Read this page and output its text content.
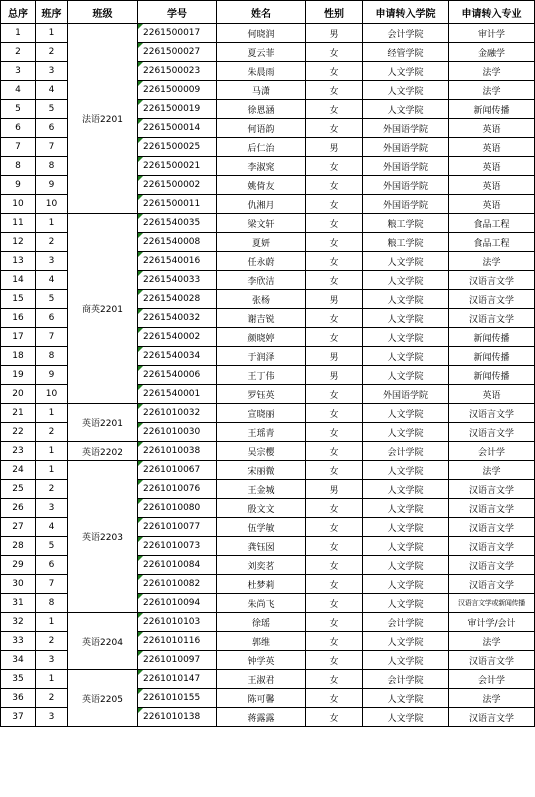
总序	班序	班级	学号	姓名	性别	申请转入学院	申请转入专业
1	1	法语2201	2261500017	何晓润	男	会计学院	审计学
2	2		2261500027	夏云菲	女	经管学院	金融学
3	3		2261500023	朱晨雨	女	人文学院	法学
4	4		2261500009	马潇	女	人文学院	法学
5	5		2261500019	徐恩涵	女	人文学院	新闻传播
6	6		2261500014	何语韵	女	外国语学院	英语
7	7		2261500025	后仁治	男	外国语学院	英语
8	8		2261500021	李淑窕	女	外国语学院	英语
9	9		2261500002	姚倚友	女	外国语学院	英语
10	10		2261500011	仇湘月	女	外国语学院	英语
11	1	商英2201	2261540035	梁文轩	女	粮工学院	食品工程
12	2		2261540008	夏妍	女	粮工学院	食品工程
13	3		2261540016	任永蔚	女	人文学院	法学
14	4		2261540033	李欣洁	女	人文学院	汉语言文学
15	5		2261540028	张杨	男	人文学院	汉语言文学
16	6		2261540032	谢吉锐	女	人文学院	汉语言文学
17	7		2261540002	颜晓婷	女	人文学院	新闻传播
18	8		2261540034	于润泽	男	人文学院	新闻传播
19	9		2261540006	王丁伟	男	人文学院	新闻传播
20	10		2261540001	罗钰英	女	外国语学院	英语
21	1	英语2201	2261010032	宣晓丽	女	人文学院	汉语言文学
22	2		2261010030	王瑶青	女	人文学院	汉语言文学
23	1	英语2202	2261010038	吴宗樱	女	会计学院	会计学
24	1	英语2203	2261010067	宋丽微	女	人文学院	法学
25	2		2261010076	王金城	男	人文学院	汉语言文学
26	3		2261010080	殷文文	女	人文学院	汉语言文学
27	4		2261010077	伍学敏	女	人文学院	汉语言文学
28	5		2261010073	龚钰囡	女	人文学院	汉语言文学
29	6		2261010084	刘奕茗	女	人文学院	汉语言文学
30	7		2261010082	杜梦莉	女	人文学院	汉语言文学
31	8		2261010094	朱尚飞	女	人文学院	汉语言文学或新闻传播
32	1	英语2204	2261010103	徐瑶	女	会计学院	审计学/会计
33	2		2261010116	郭维	女	人文学院	法学
34	3		2261010097	钟学英	女	人文学院	汉语言文学
35	1	英语2205	2261010147	王淑君	女	会计学院	会计学
36	2		2261010155	陈可馨	女	人文学院	法学
37	3		2261010138	蒋露露	女	人文学院	汉语言文学
